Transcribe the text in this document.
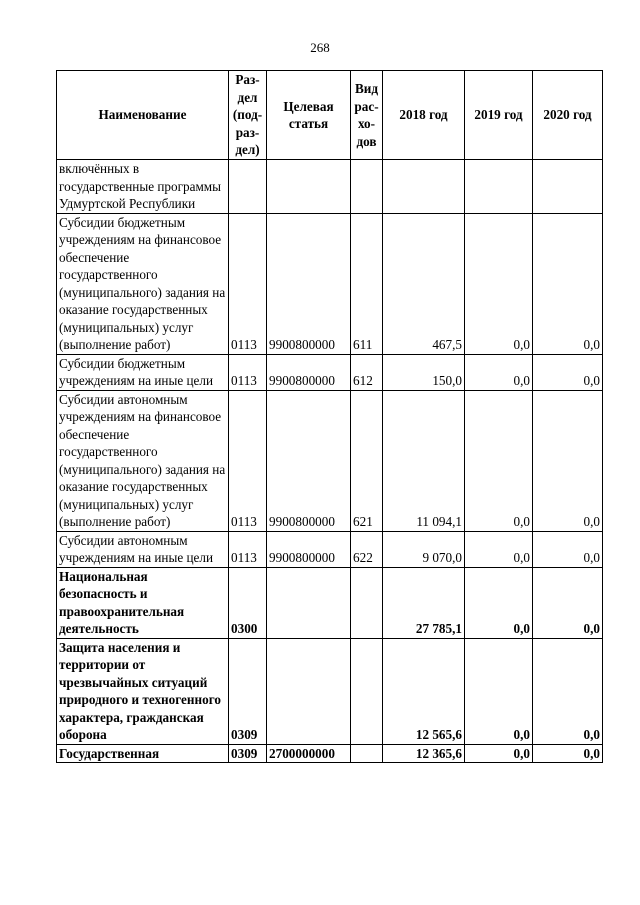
268
Наименование	Раз-дел (под-раз-дел)	Целевая статья	Вид рас-хо-дов	2018 год	2019 год	2020 год
включённых в государственные программы Удмуртской Республики						
Субсидии бюджетным учреждениям на финансовое обеспечение государственного (муниципального) задания на оказание государственных (муниципальных) услуг (выполнение работ)	0113	9900800000	611	467,5	0,0	0,0
Субсидии бюджетным учреждениям на иные цели	0113	9900800000	612	150,0	0,0	0,0
Субсидии автономным учреждениям на финансовое обеспечение государственного (муниципального) задания на оказание государственных (муниципальных) услуг (выполнение работ)	0113	9900800000	621	11 094,1	0,0	0,0
Субсидии автономным учреждениям на иные цели	0113	9900800000	622	9 070,0	0,0	0,0
Национальная безопасность и правоохранительная деятельность	0300			27 785,1	0,0	0,0
Защита населения и территории от чрезвычайных ситуаций природного и техногенного характера, гражданская оборона	0309			12 565,6	0,0	0,0
Государственная	0309	2700000000		12 365,6	0,0	0,0
